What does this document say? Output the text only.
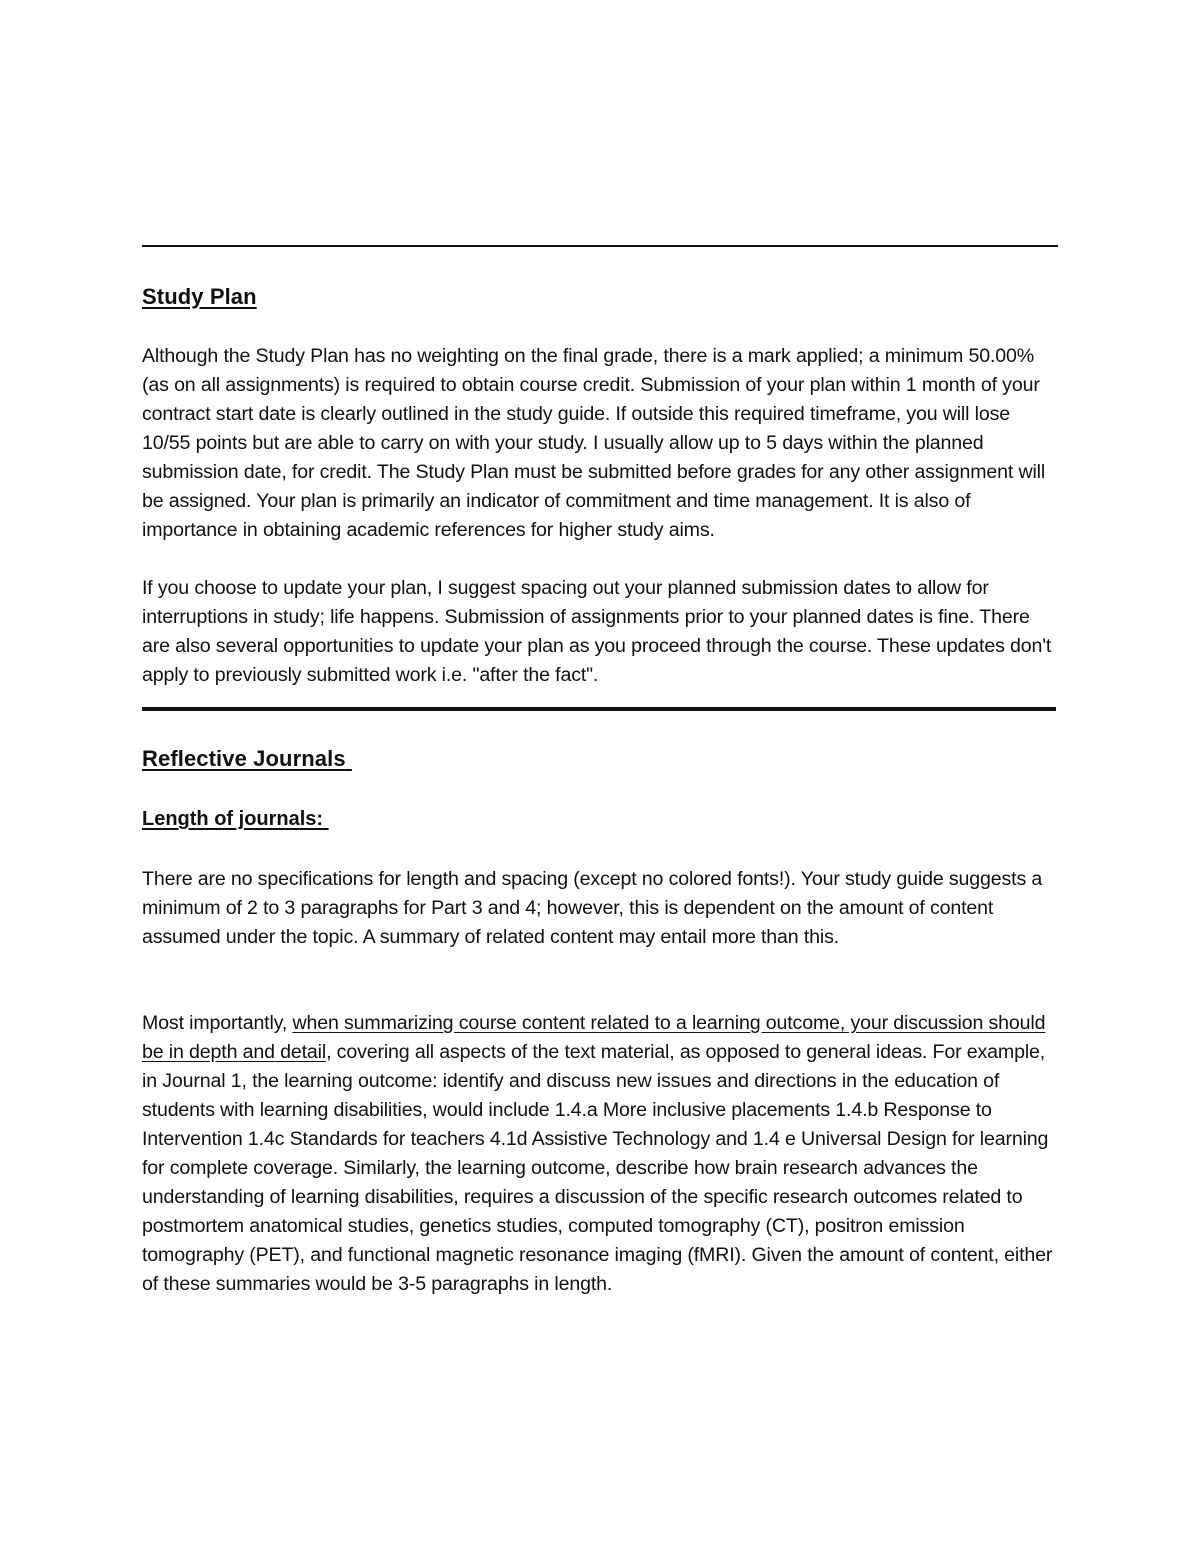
Study Plan
Although the Study Plan has no weighting on the final grade, there is a mark applied; a minimum 50.00% (as on all assignments) is required to obtain course credit. Submission of your plan within 1 month of your contract start date is clearly outlined in the study guide. If outside this required timeframe, you will lose 10/55 points but are able to carry on with your study. I usually allow up to 5 days within the planned submission date, for credit. The Study Plan must be submitted before grades for any other assignment will be assigned. Your plan is primarily an indicator of commitment and time management. It is also of importance in obtaining academic references for higher study aims.
If you choose to update your plan, I suggest spacing out your planned submission dates to allow for interruptions in study; life happens. Submission of assignments prior to your planned dates is fine. There are also several opportunities to update your plan as you proceed through the course. These updates don't apply to previously submitted work i.e. "after the fact".
Reflective Journals
Length of journals:
There are no specifications for length and spacing (except no colored fonts!). Your study guide suggests a minimum of 2 to 3 paragraphs for Part 3 and 4; however, this is dependent on the amount of content assumed under the topic. A summary of related content may entail more than this.
Most importantly, when summarizing course content related to a learning outcome, your discussion should be in depth and detail, covering all aspects of the text material, as opposed to general ideas. For example, in Journal 1, the learning outcome: identify and discuss new issues and directions in the education of students with learning disabilities, would include 1.4.a More inclusive placements 1.4.b Response to Intervention 1.4c Standards for teachers 4.1d Assistive Technology and 1.4 e Universal Design for learning for complete coverage. Similarly, the learning outcome, describe how brain research advances the understanding of learning disabilities, requires a discussion of the specific research outcomes related to postmortem anatomical studies, genetics studies, computed tomography (CT), positron emission tomography (PET), and functional magnetic resonance imaging (fMRI). Given the amount of content, either of these summaries would be 3-5 paragraphs in length.
